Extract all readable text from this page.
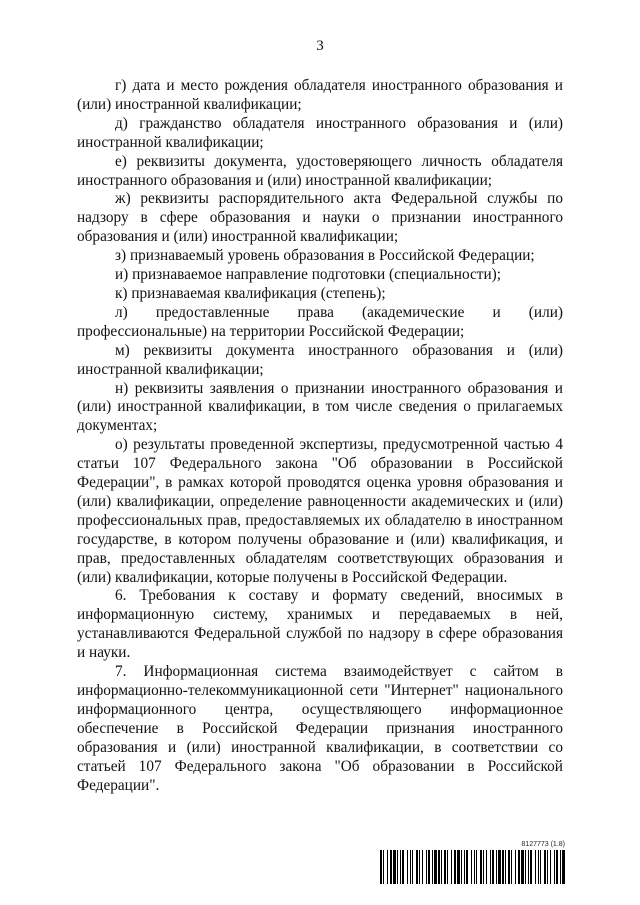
3

г) дата и место рождения обладателя иностранного образования и (или) иностранной квалификации;

д) гражданство обладателя иностранного образования и (или) иностранной квалификации;

е) реквизиты документа, удостоверяющего личность обладателя иностранного образования и (или) иностранной квалификации;

ж) реквизиты распорядительного акта Федеральной службы по надзору в сфере образования и науки о признании иностранного образования и (или) иностранной квалификации;

з) признаваемый уровень образования в Российской Федерации;

и) признаваемое направление подготовки (специальности);

к) признаваемая квалификация (степень);

л) предоставленные права (академические и (или) профессиональные) на территории Российской Федерации;

м) реквизиты документа иностранного образования и (или) иностранной квалификации;

н) реквизиты заявления о признании иностранного образования и (или) иностранной квалификации, в том числе сведения о прилагаемых документах;

о) результаты проведенной экспертизы, предусмотренной частью 4 статьи 107 Федерального закона "Об образовании в Российской Федерации", в рамках которой проводятся оценка уровня образования и (или) квалификации, определение равноценности академических и (или) профессиональных прав, предоставляемых их обладателю в иностранном государстве, в котором получены образование и (или) квалификация, и прав, предоставленных обладателям соответствующих образования и (или) квалификации, которые получены в Российской Федерации.

6. Требования к составу и формату сведений, вносимых в информационную систему, хранимых и передаваемых в ней, устанавливаются Федеральной службой по надзору в сфере образования и науки.

7. Информационная система взаимодействует с сайтом в информационно-телекоммуникационной сети "Интернет" национального информационного центра, осуществляющего информационное обеспечение в Российской Федерации признания иностранного образования и (или) иностранной квалификации, в соответствии со статьей 107 Федерального закона "Об образовании в Российской Федерации".

8127773 (1.8)
